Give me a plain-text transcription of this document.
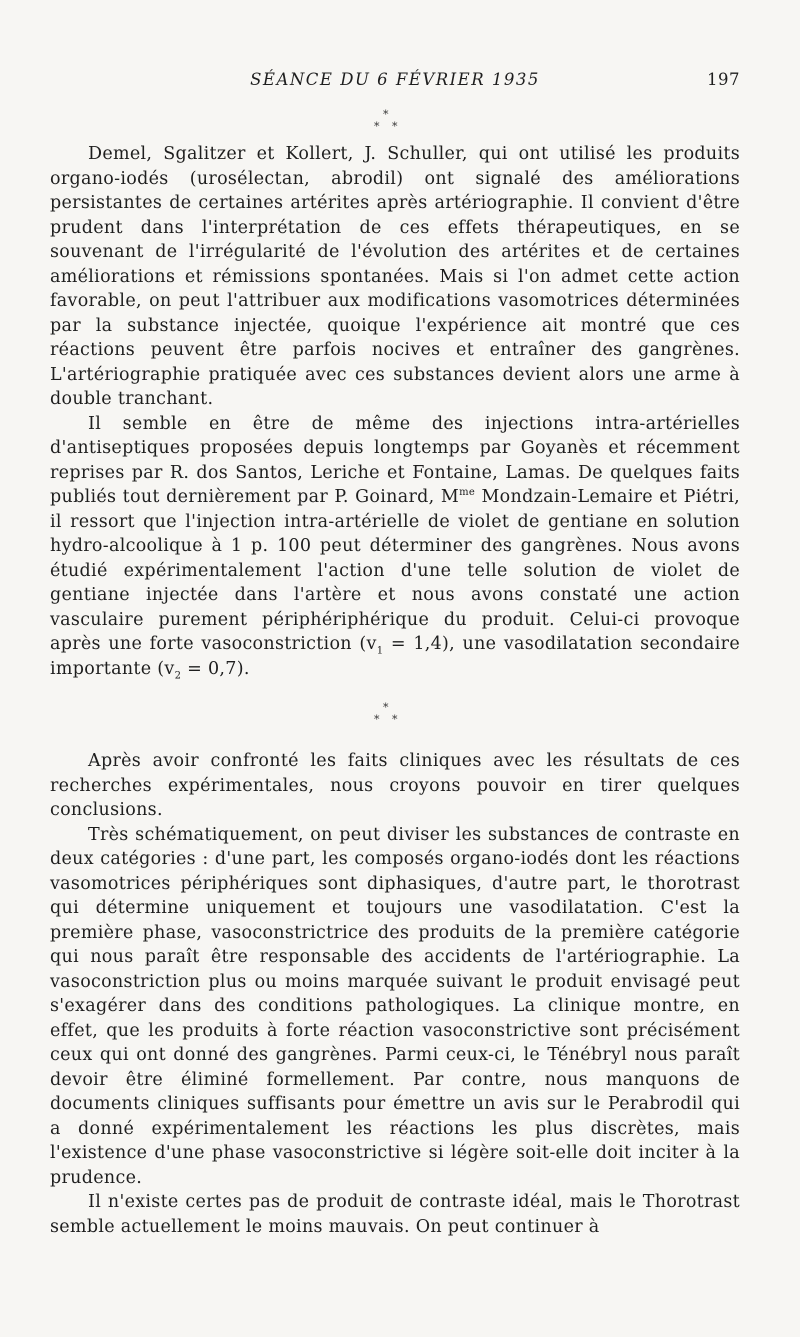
SÉANCE DU 6 FÉVRIER 1935	197
*
* *

Demel, Sgalitzer et Kollert, J. Schuller, qui ont utilisé les produits organo-iodés (urosélectan, abrodil) ont signalé des améliorations persistantes de certaines artérites après artériographie. Il convient d'être prudent dans l'interprétation de ces effets thérapeutiques, en se souvenant de l'irrégularité de l'évolution des artérites et de certaines améliorations et rémissions spontanées. Mais si l'on admet cette action favorable, on peut l'attribuer aux modifications vasomotrices déterminées par la substance injectée, quoique l'expérience ait montré que ces réactions peuvent être parfois nocives et entraîner des gangrènes. L'artériographie pratiquée avec ces substances devient alors une arme à double tranchant.

Il semble en être de même des injections intra-artérielles d'antiseptiques proposées depuis longtemps par Goyanès et récemment reprises par R. dos Santos, Leriche et Fontaine, Lamas. De quelques faits publiés tout dernièrement par P. Goinard, $M^{me}$ Mondzain-Lemaire et Piétri, il ressort que l'injection intra-artérielle de violet de gentiane en solution hydro-alcoolique à 1 p. 100 peut déterminer des gangrènes. Nous avons étudié expérimentalement l'action d'une telle solution de violet de gentiane injectée dans l'artère et nous avons constaté une action vasculaire purement périphériphérique du produit. Celui-ci provoque après une forte vasoconstriction $(v_1 = 1,4)$, une vasodilatation secondaire importante $(v_2 = 0,7)$.

*
* *

Après avoir confronté les faits cliniques avec les résultats de ces recherches expérimentales, nous croyons pouvoir en tirer quelques conclusions.

Très schématiquement, on peut diviser les substances de contraste en deux catégories : d'une part, les composés organo-iodés dont les réactions vasomotrices périphériques sont diphasiques, d'autre part, le thorotrast qui détermine uniquement et toujours une vasodilatation. C'est la première phase, vasoconstrictrice des produits de la première catégorie qui nous paraît être responsable des accidents de l'artériographie. La vasoconstriction plus ou moins marquée suivant le produit envisagé peut s'exagérer dans des conditions pathologiques. La clinique montre, en effet, que les produits à forte réaction vasoconstrictive sont précisément ceux qui ont donné des gangrènes. Parmi ceux-ci, le Ténébryl nous paraît devoir être éliminé formellement. Par contre, nous manquons de documents cliniques suffisants pour émettre un avis sur le Perabrodil qui a donné expérimentalement les réactions les plus discrètes, mais l'existence d'une phase vasoconstrictive si légère soit-elle doit inciter à la prudence.

Il n'existe certes pas de produit de contraste idéal, mais le Thorotrast semble actuellement le moins mauvais. On peut continuer à
